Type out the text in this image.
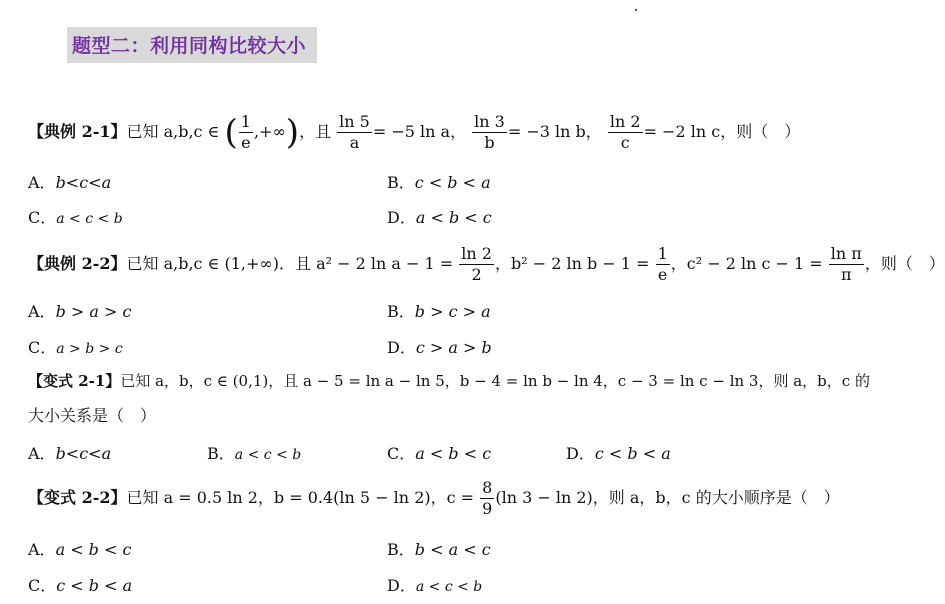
题型二：利用同构比较大小
【典例 2-1】已知 a,b,c ∈ ( $\frac{1}{e}$ ,+∞)，且 $\frac{\ln 5}{a} = -5$ ln a， $\frac{\ln 3}{b} = -3$ ln b， $\frac{\ln 2}{c} = -2$ ln c，则（　）
A．b<c<a	B．c < b < a
C．a < c < b	D．a < b < c
【典例 2-2】已知 a,b,c ∈ (1,+∞)．且 a² − 2 $\ln a - 1 = \frac{\ln 2}{2}$ ，b² − 2 $\ln b - 1 = \frac{1}{e}$ ，c² − 2 $\ln c - 1 = \frac{\text{ln π}}{\pi}$ ，则（　）
A．b > a > c	B．b > c > a
C．a > b > c	D．c > a > b
【变式 2-1】已知 a，b，c ∈ (0,1)，且 a − 5 = ln a − ln 5，b − 4 = ln b − ln 4，c − 3 = ln c − ln 3，则 a，b，c 的
大小关系是（　）
A．b<c<a	B．a < c < b	C．a < b < c	D．c < b < a
【变式 2-2】已知 a = 0.5 ln 2，b = 0.4(ln 5 − ln 2)，$c = \frac{8}{9} (\ln$ 3 − ln 2)，则 a，b，c 的大小顺序是（　）
A．a < b < c	B．b < a < c
C．c < b < a	D．a < c < b
